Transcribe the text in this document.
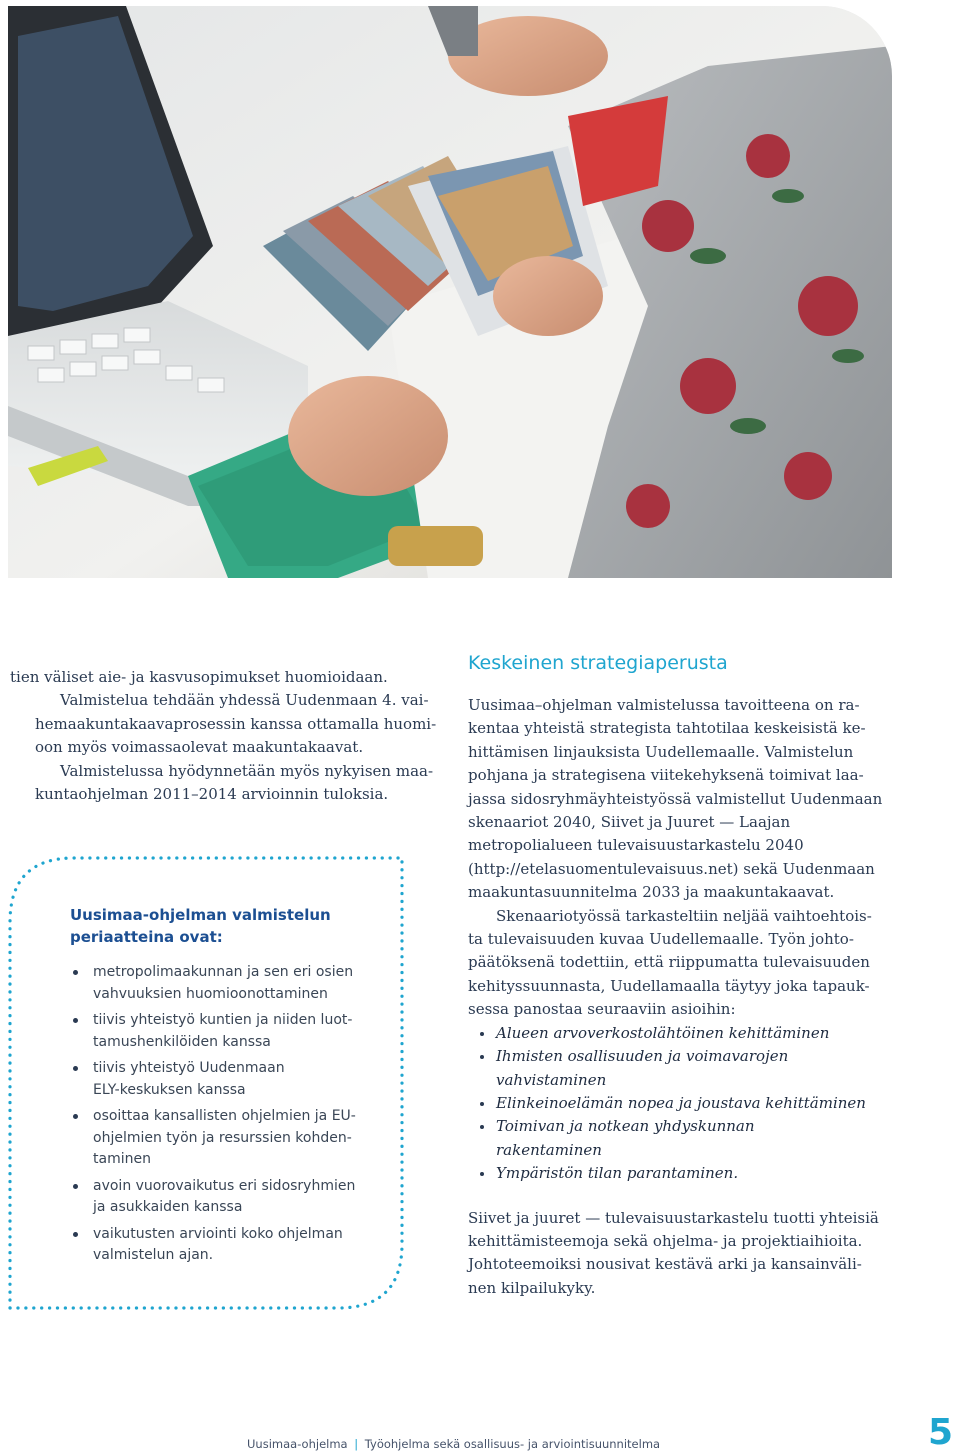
tien väliset aie- ja kasvusopimukset huomioidaan.

Valmistelua tehdään yhdessä Uudenmaan 4. vai-
hemaakuntakaavaprosessin kanssa ottamalla huomi-
oon myös voimassaolevat maakuntakaavat.

Valmistelussa hyödynnetään myös nykyisen maa-
kuntaohjelman 2011–2014 arvioinnin tuloksia.

Uusimaa-ohjelman valmistelun
periaatteina ovat:
metropolimaakunnan ja sen eri osien
vahvuuksien huomioonottaminen
tiivis yhteistyö kuntien ja niiden luot-
tamushenkilöiden kanssa
tiivis yhteistyö Uudenmaan
ELY-keskuksen kanssa
osoittaa kansallisten ohjelmien ja EU-
ohjelmien työn ja resurssien kohden-
taminen
avoin vuorovaikutus eri sidosryhmien
ja asukkaiden kanssa
vaikutusten arviointi koko ohjelman
valmistelun ajan.
Keskeinen strategiaperusta
Uusimaa–ohjelman valmistelussa tavoitteena on ra-
kentaa yhteistä strategista tahtotilaa keskeisistä ke-
hittämisen linjauksista Uudellemaalle. Valmistelun
pohjana ja strategisena viitekehyksenä toimivat laa-
jassa sidosryhmäyhteistyössä valmistellut Uudenmaan
skenaariot 2040, Siivet ja Juuret — Laajan
metropolialueen tulevaisuustarkastelu 2040
(http://etelasuomentulevaisuus.net) sekä Uudenmaan
maakuntasuunnitelma 2033 ja maakuntakaavat.
Skenaariotyössä tarkasteltiin neljää vaihtoehtois-
ta tulevaisuuden kuvaa Uudellemaalle. Työn johto-
päätöksenä todettiin, että riippumatta tulevaisuuden
kehityssuunnasta, Uudellamaalla täytyy joka tapauk-
sessa panostaa seuraaviin asioihin:
Alueen arvoverkostolähtöinen kehittäminen
Ihmisten osallisuuden ja voimavarojen
vahvistaminen
Elinkeinoelämän nopea ja joustava kehittäminen
Toimivan ja notkean yhdyskunnan
rakentaminen
Ympäristön tilan parantaminen.
Siivet ja juuret — tulevaisuustarkastelu tuotti yhteisiä
kehittämisteemoja sekä ohjelma- ja projektiaihioita.
Johtoteemoiksi nousivat kestävä arki ja kansainväli-
nen kilpailukyky.
Uusimaa-ohjelma | Työohjelma sekä osallisuus- ja arviointisuunnitelma	5
